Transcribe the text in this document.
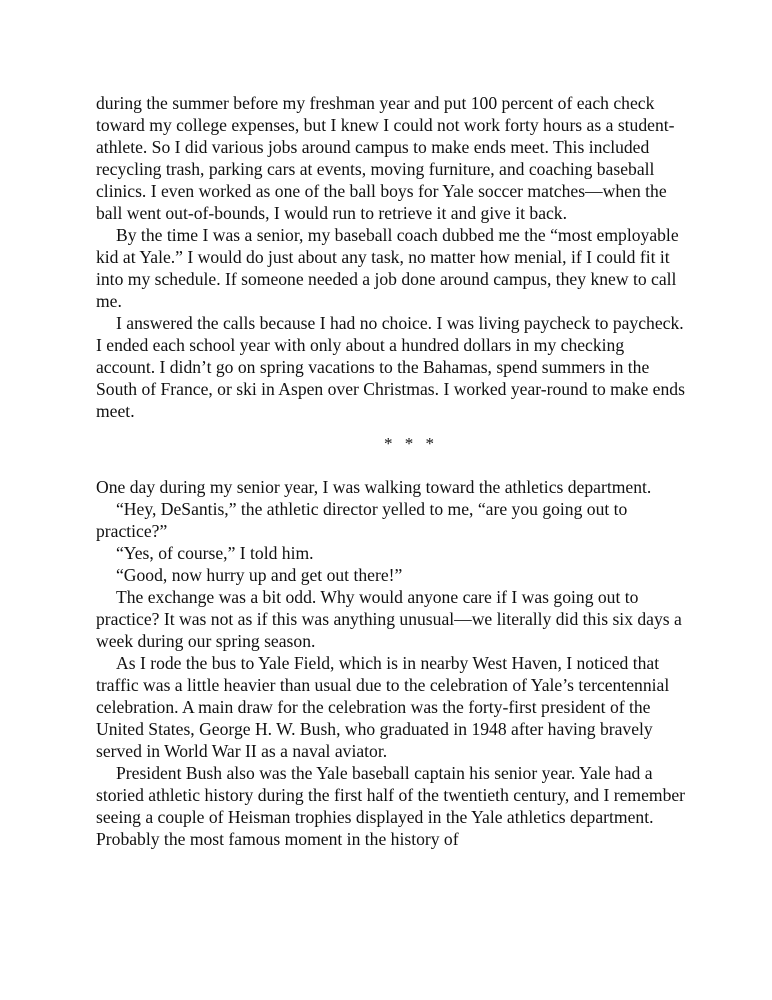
during the summer before my freshman year and put 100 percent of each check toward my college expenses, but I knew I could not work forty hours as a student-athlete. So I did various jobs around campus to make ends meet. This included recycling trash, parking cars at events, moving furniture, and coaching baseball clinics. I even worked as one of the ball boys for Yale soccer matches—when the ball went out-of-bounds, I would run to retrieve it and give it back.

By the time I was a senior, my baseball coach dubbed me the “most employable kid at Yale.” I would do just about any task, no matter how menial, if I could fit it into my schedule. If someone needed a job done around campus, they knew to call me.

I answered the calls because I had no choice. I was living paycheck to paycheck. I ended each school year with only about a hundred dollars in my checking account. I didn’t go on spring vacations to the Bahamas, spend summers in the South of France, or ski in Aspen over Christmas. I worked year-round to make ends meet.

* * *

One day during my senior year, I was walking toward the athletics department.

“Hey, DeSantis,” the athletic director yelled to me, “are you going out to practice?”

“Yes, of course,” I told him.

“Good, now hurry up and get out there!”

The exchange was a bit odd. Why would anyone care if I was going out to practice? It was not as if this was anything unusual—we literally did this six days a week during our spring season.

As I rode the bus to Yale Field, which is in nearby West Haven, I noticed that traffic was a little heavier than usual due to the celebration of Yale’s tercentennial celebration. A main draw for the celebration was the forty-first president of the United States, George H. W. Bush, who graduated in 1948 after having bravely served in World War II as a naval aviator.

President Bush also was the Yale baseball captain his senior year. Yale had a storied athletic history during the first half of the twentieth century, and I remember seeing a couple of Heisman trophies displayed in the Yale athletics department. Probably the most famous moment in the history of
